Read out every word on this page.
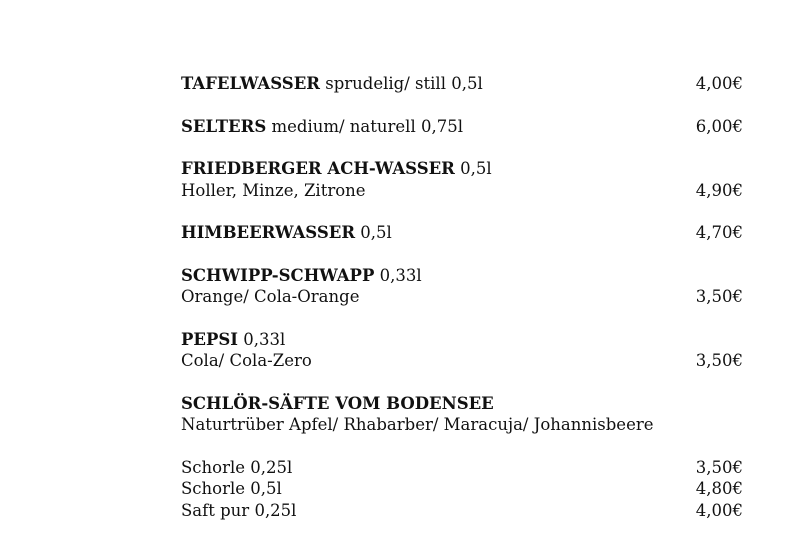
TAFELWASSER sprudelig/ still 0,5l	4,00€
SELTERS medium/ naturell 0,75l	6,00€
FRIEDBERGER ACH-WASSER 0,5l
Holler, Minze, Zitrone	4,90€
HIMBEERWASSER 0,5l	4,70€
SCHWIPP-SCHWAPP 0,33l
Orange/ Cola-Orange	3,50€
PEPSI 0,33l
Cola/ Cola-Zero	3,50€
SCHLÖR-SÄFTE VOM BODENSEE
Naturtrüber Apfel/ Rhabarber/ Maracuja/ Johannisbeere
Schorle 0,25l	3,50€
Schorle 0,5l	4,80€
Saft pur 0,25l	4,00€
